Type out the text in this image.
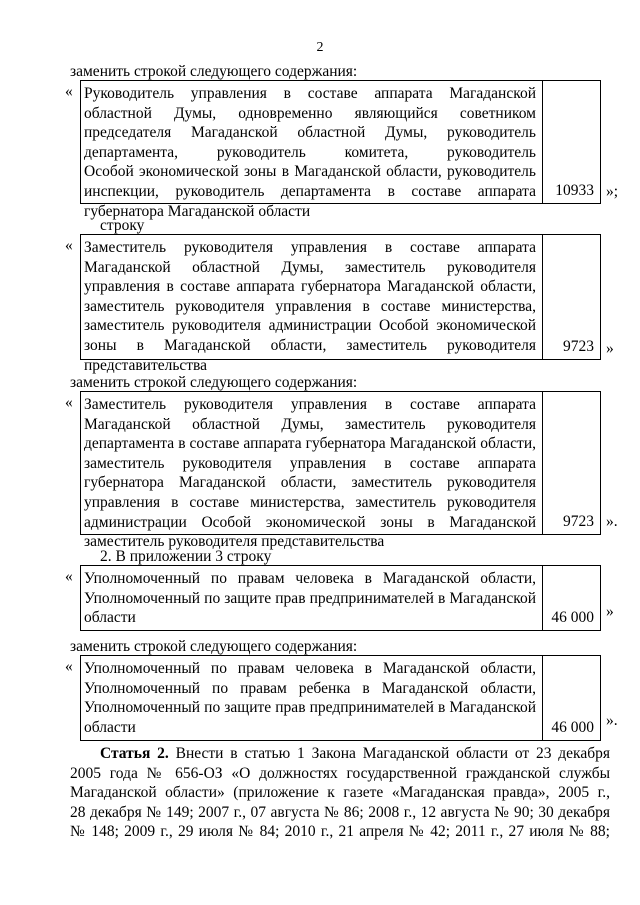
2
заменить строкой следующего содержания:
« Руководитель управления в составе аппарата Магаданской
областной Думы, одновременно являющийся советником
председателя Магаданской областной Думы, руководитель
департамента, руководитель комитета, руководитель
Особой экономической зоны в Магаданской области, руководитель
инспекции, руководитель департамента в составе аппарата
губернатора Магаданской области
10933 »;
строку
« Заместитель руководителя управления в составе аппарата
Магаданской областной Думы, заместитель руководителя
управления в составе аппарата губернатора Магаданской области,
заместитель руководителя управления в составе министерства,
заместитель руководителя администрации Особой экономической
зоны в Магаданской области, заместитель руководителя
представительства
9723 »
заменить строкой следующего содержания:
« Заместитель руководителя управления в составе аппарата
Магаданской областной Думы, заместитель руководителя
департамента в составе аппарата губернатора Магаданской области,
заместитель руководителя управления в составе аппарата
губернатора Магаданской области, заместитель руководителя
управления в составе министерства, заместитель руководителя
администрации Особой экономической зоны в Магаданской
заместитель руководителя представительства
9723 ».
2. В приложении 3 строку
« Уполномоченный по правам человека в Магаданской области,
Уполномоченный по защите прав предпринимателей в Магаданской
области	46 000 »
заменить строкой следующего содержания:
« Уполномоченный по правам человека в Магаданской области,
Уполномоченный по правам ребенка в Магаданской области,
Уполномоченный по защите прав предпринимателей в Магаданской
области	46 000 ».
Статья 2. Внести в статью 1 Закона Магаданской области от 23 декабря
2005 года № 656-ОЗ «О должностях государственной гражданской службы
Магаданской области» (приложение к газете «Магаданская правда», 2005 г.,
28 декабря № 149; 2007 г., 07 августа № 86; 2008 г., 12 августа № 90; 30 декабря
№ 148; 2009 г., 29 июля № 84; 2010 г., 21 апреля № 42; 2011 г., 27 июля № 88;
